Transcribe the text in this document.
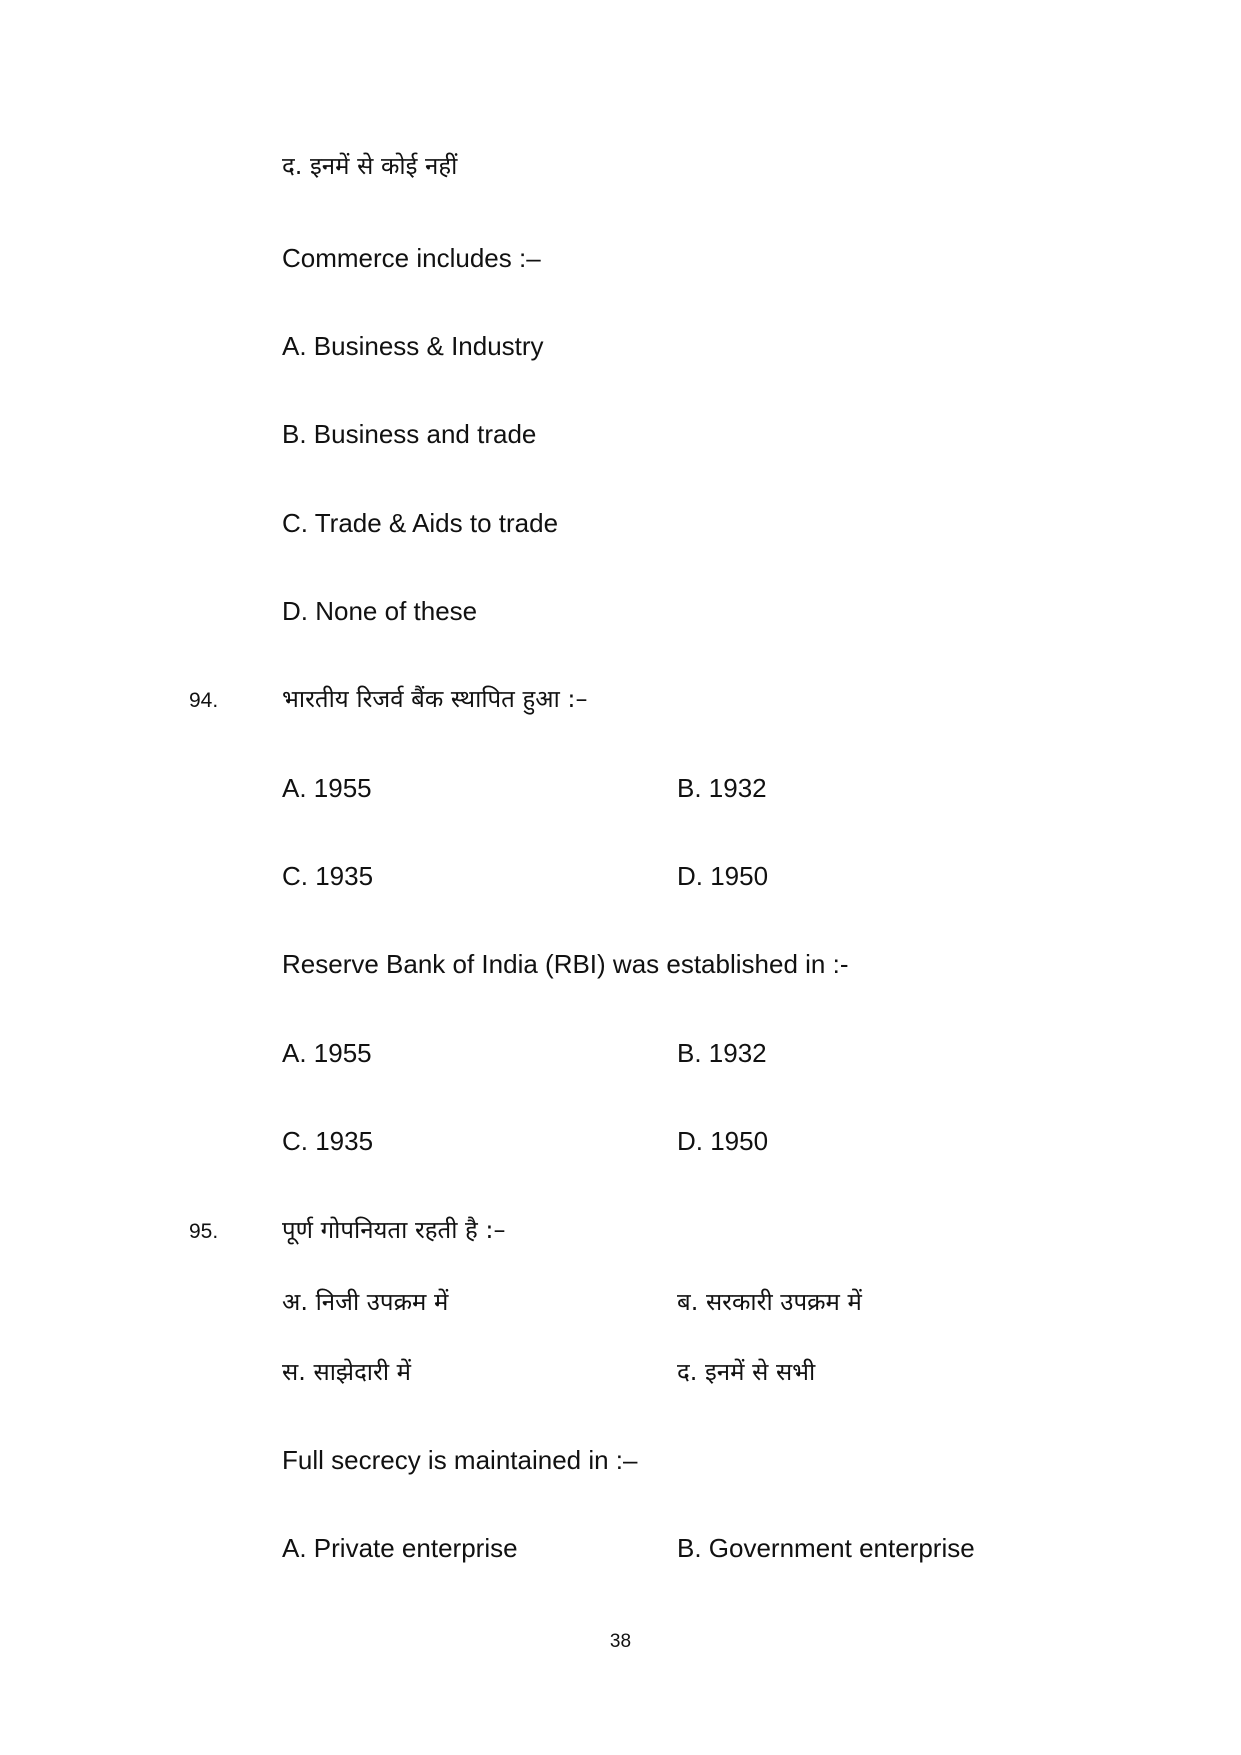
द. इनमें से कोई नहीं
Commerce includes :–
A. Business & Industry
B. Business and trade
C. Trade & Aids to trade
D. None of these
94.	भारतीय रिजर्व बैंक स्थापित हुआ :–
A. 1955	B. 1932
C. 1935	D. 1950
Reserve Bank of India (RBI) was established in :-
A. 1955	B. 1932
C. 1935	D. 1950
95.	पूर्ण गोपनियता रहती है :–
अ. निजी उपक्रम में	ब. सरकारी उपक्रम में
स. साझेदारी में	द. इनमें से सभी
Full secrecy is maintained in :–
A. Private enterprise	B. Government enterprise
38
